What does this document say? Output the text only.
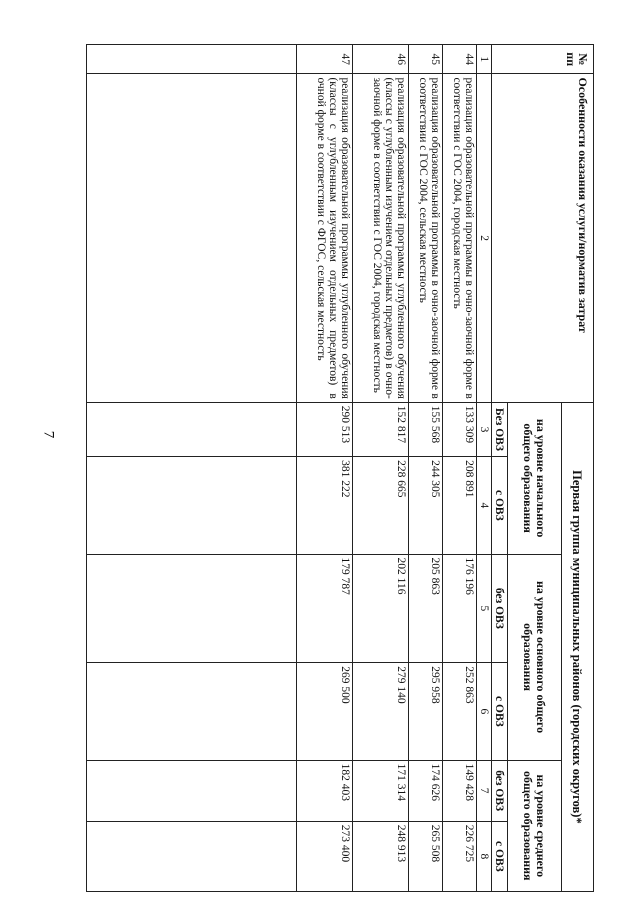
7
№ пп	Особенности оказания услуги/норматив затрат	Первая группа муниципальных районов (городских округов)*					
		на уровне начального общего образования		на уровне основного общего образования		на уровне среднего общего образования	
		Без ОВЗ	с ОВЗ	без ОВЗ	с ОВЗ	без ОВЗ	с ОВЗ
1	2	3	4	5	6	7	8
44	реализация образовательной программы в очно-заочной форме в соответствии с ГОС 2004, городская местность	133 309	208 891	176 196	252 863	149 428	226 725
45	реализация образовательной программы в очно-заочной форме в соответствии с ГОС 2004, сельская местность	155 568	244 305	205 863	295 958	174 626	265 508
46	реализация образовательной программы углубленного обучения (классы с углубленным изучением отдельных предметов) в очно-заочной форме в соответствии с ГОС 2004, городская местность	152 817	228 665	202 116	279 140	171 314	248 913
47	реализация образовательной программы углубленного обучения (классы с углубленным изучением отдельных предметов) в очной форме в соответствии с ФГОС, сельская местность	290 513	381 222	179 787	269 500	182 403	273 400
